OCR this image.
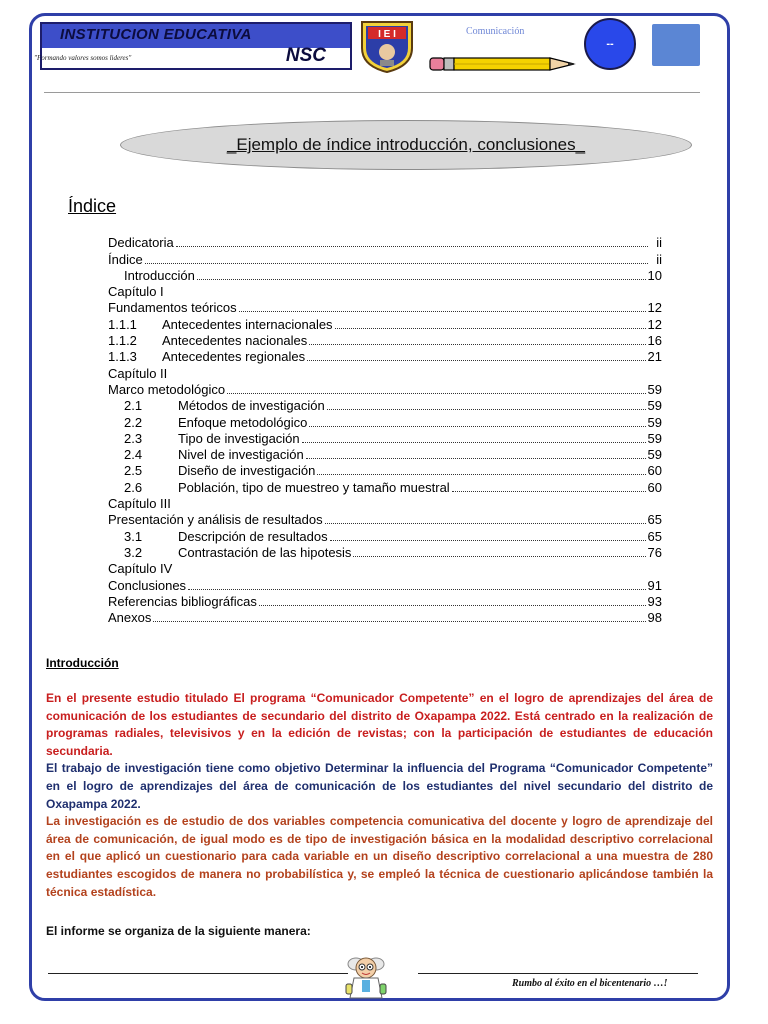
INSTITUCION EDUCATIVA
NSC
"Formando valores somos lideres"
I E I	Comunicación
--
_Ejemplo de índice introducción, conclusiones_
Índice
Dedicatoria	ii
Índice	ii
Introducción	10
Capítulo I
Fundamentos teóricos	12
1.1.1	Antecedentes internacionales	12
1.1.2	Antecedentes nacionales	16
1.1.3	Antecedentes regionales	21
Capítulo II
Marco metodológico	59
2.1	Métodos de investigación	59
2.2	Enfoque metodológico	59
2.3	Tipo de investigación	59
2.4	Nivel de investigación	59
2.5	Diseño de investigación	60
2.6	Población, tipo de muestreo y tamaño muestral	60
Capítulo III
Presentación y análisis de resultados	65
3.1	Descripción de resultados	65
3.2	Contrastación de las hipotesis	76
Capítulo IV
Conclusiones	91
Referencias bibliográficas	93
Anexos	98
Introducción

En el presente estudio titulado El programa “Comunicador Competente” en el logro de aprendizajes del área de comunicación de los estudiantes de secundario del distrito de Oxapampa 2022. Está centrado en la realización de programas radiales, televisivos y en la edición de revistas; con la participación de estudiantes de educación secundaria.

El trabajo de investigación tiene como objetivo Determinar la influencia del Programa “Comunicador Competente” en el logro de aprendizajes del área de comunicación de los estudiantes del nivel secundario del distrito de Oxapampa 2022.

La investigación es de estudio de dos variables competencia comunicativa del docente y logro de aprendizaje del área de comunicación, de igual modo es de tipo de investigación básica en la modalidad descriptivo correlacional en el que aplicó un cuestionario para cada variable en un diseño descriptivo correlacional a una muestra de 280 estudiantes escogidos de manera no probabilística y, se empleó la técnica de cuestionario aplicándose también la técnica estadística.

El informe se organiza de la siguiente manera:
Rumbo al éxito en el bicentenario …!
